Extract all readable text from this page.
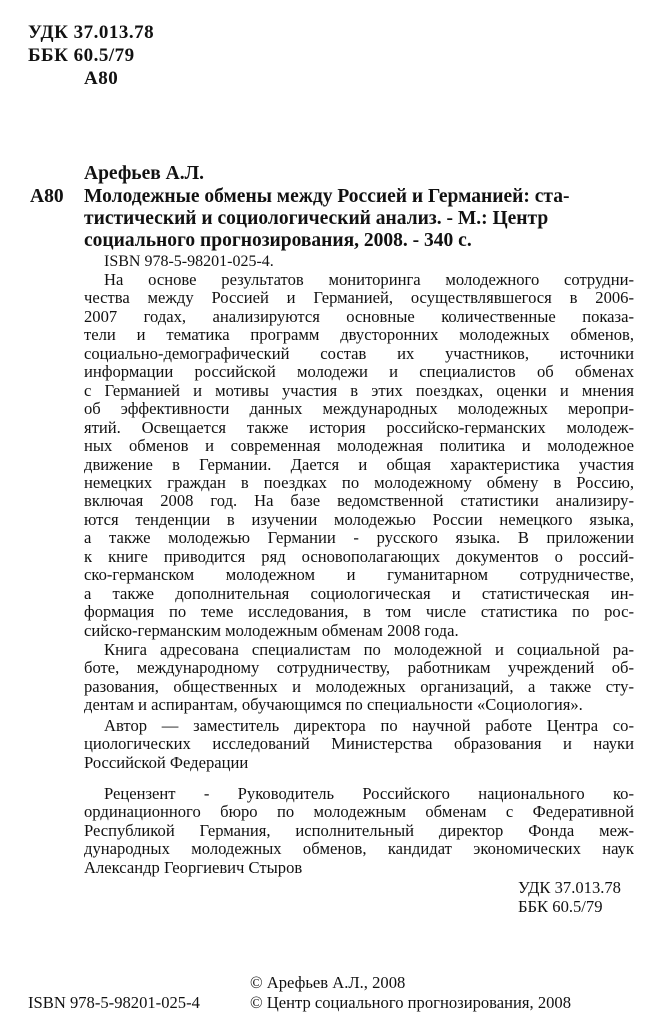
УДК 37.013.78
ББК 60.5/79
А80
Арефьев А.Л.
А80 Молодежные обмены между Россией и Германией: ста-
тистический и социологический анализ. - М.: Центр
социального прогнозирования, 2008. - 340 с.
ISBN 978-5-98201-025-4.
На основе результатов мониторинга молодежного сотрудни-
чества между Россией и Германией, осуществлявшегося в 2006-
2007 годах, анализируются основные количественные показа-
тели и тематика программ двусторонних молодежных обменов,
социально-демографический состав их участников, источники
информации российской молодежи и специалистов об обменах
с Германией и мотивы участия в этих поездках, оценки и мнения
об эффективности данных международных молодежных меропри-
ятий. Освещается также история российско-германских молодеж-
ных обменов и современная молодежная политика и молодежное
движение в Германии. Дается и общая характеристика участия
немецких граждан в поездках по молодежному обмену в Россию,
включая 2008 год. На базе ведомственной статистики анализиру-
ются тенденции в изучении молодежью России немецкого языка,
а также молодежью Германии - русского языка. В приложении
к книге приводится ряд основополагающих документов о россий-
ско-германском молодежном и гуманитарном сотрудничестве,
а также дополнительная социологическая и статистическая ин-
формация по теме исследования, в том числе статистика по рос-
сийско-германским молодежным обменам 2008 года.
Книга адресована специалистам по молодежной и социальной ра-
боте, международному сотрудничеству, работникам учреждений об-
разования, общественных и молодежных организаций, а также сту-
дентам и аспирантам, обучающимся по специальности «Социология».
Автор — заместитель директора по научной работе Центра со-
циологических исследований Министерства образования и науки
Российской Федерации
Рецензент - Руководитель Российского национального ко-
ординационного бюро по молодежным обменам с Федеративной
Республикой Германия, исполнительный директор Фонда меж-
дународных молодежных обменов, кандидат экономических наук
Александр Георгиевич Стыров
УДК 37.013.78
ББК 60.5/79
© Арефьев А.Л., 2008
ISBN 978-5-98201-025-4	© Центр социального прогнозирования, 2008
